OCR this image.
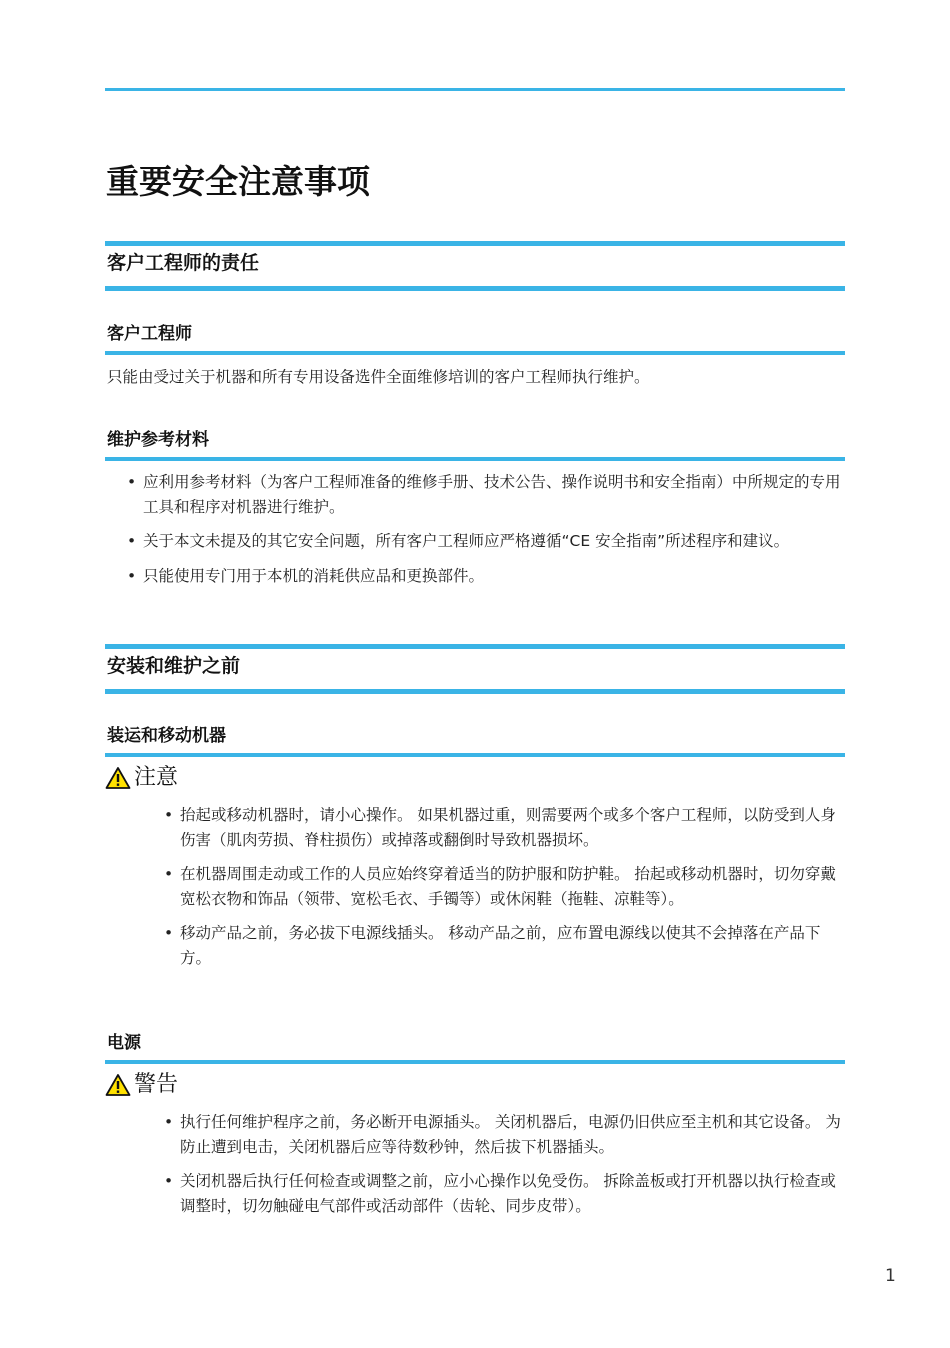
重要安全注意事项
客户工程师的责任
客户工程师
只能由受过关于机器和所有专用设备选件全面维修培训的客户工程师执行维护。
维护参考材料
• 应利用参考材料（为客户工程师准备的维修手册、技术公告、操作说明书和安全指南）中所规定的专用工具和程序对机器进行维护。
• 关于本文未提及的其它安全问题，所有客户工程师应严格遵循“CE 安全指南”所述程序和建议。
• 只能使用专门用于本机的消耗供应品和更换部件。
安装和维护之前
装运和移动机器
注意
• 抬起或移动机器时，请小心操作。 如果机器过重，则需要两个或多个客户工程师，以防受到人身伤害（肌肉劳损、脊柱损伤）或掉落或翻倒时导致机器损坏。
• 在机器周围走动或工作的人员应始终穿着适当的防护服和防护鞋。 抬起或移动机器时，切勿穿戴宽松衣物和饰品（领带、宽松毛衣、手镯等）或休闲鞋（拖鞋、凉鞋等）。
• 移动产品之前，务必拔下电源线插头。 移动产品之前，应布置电源线以使其不会掉落在产品下方。
电源
警告
• 执行任何维护程序之前，务必断开电源插头。 关闭机器后，电源仍旧供应至主机和其它设备。 为防止遭到电击，关闭机器后应等待数秒钟，然后拔下机器插头。
• 关闭机器后执行任何检查或调整之前，应小心操作以免受伤。 拆除盖板或打开机器以执行检查或调整时，切勿触碰电气部件或活动部件（齿轮、同步皮带）。
1
